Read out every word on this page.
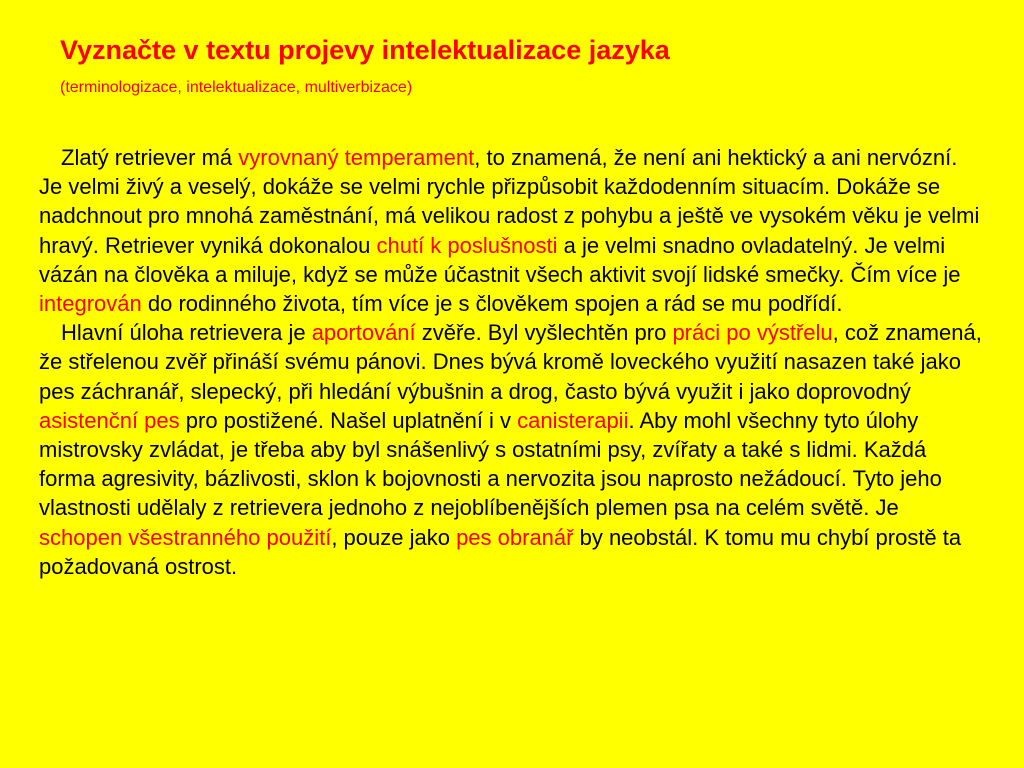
Vyznačte v textu projevy intelektualizace jazyka

(terminologizace, intelektualizace, multiverbizace)

Zlatý retriever má vyrovnaný temperament, to znamená, že není ani hektický a ani nervózní. Je velmi živý a veselý, dokáže se velmi rychle přizpůsobit každodenním situacím. Dokáže se nadchnout pro mnohá zaměstnání, má velikou radost z pohybu a ještě ve vysokém věku je velmi hravý. Retriever vyniká dokonalou chutí k poslušnosti a je velmi snadno ovladatelný. Je velmi vázán na člověka a miluje, když se může účastnit všech aktivit svojí lidské smečky. Čím více je integrován do rodinného života, tím více je s člověkem spojen a rád se mu podřídí.

Hlavní úloha retrievera je aportování zvěře. Byl vyšlechtěn pro práci po výstřelu, což znamená, že střelenou zvěř přináší svému pánovi. Dnes bývá kromě loveckého využití nasazen také jako pes záchranář, slepecký, při hledání výbušnin a drog, často bývá využit i jako doprovodný asistenční pes pro postižené. Našel uplatnění i v canisterapii. Aby mohl všechny tyto úlohy mistrovsky zvládat, je třeba aby byl snášenlivý s ostatními psy, zvířaty a také s lidmi. Každá forma agresivity, bázlivosti, sklon k bojovnosti a nervozita jsou naprosto nežádoucí. Tyto jeho vlastnosti udělaly z retrievera jednoho z nejoblíbenějších plemen psa na celém světě. Je schopen všestranného použití, pouze jako pes obranář by neobstál. K tomu mu chybí prostě ta požadovaná ostrost.
